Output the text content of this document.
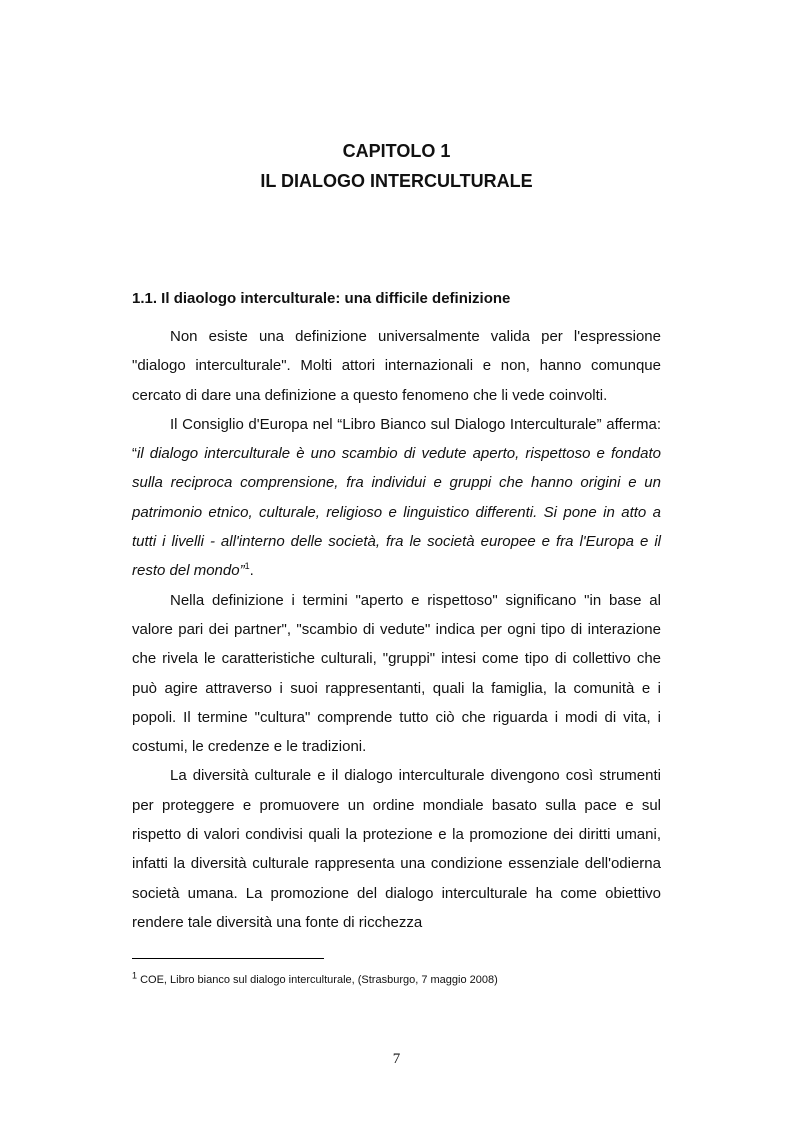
CAPITOLO 1
IL DIALOGO INTERCULTURALE
1.1. Il diaologo interculturale: una difficile definizione

Non esiste una definizione universalmente valida per l'espressione "dialogo interculturale". Molti attori internazionali e non, hanno comunque cercato di dare una definizione a questo fenomeno che li vede coinvolti.

Il Consiglio d'Europa nel “Libro Bianco sul Dialogo Interculturale” afferma: “il dialogo interculturale è uno scambio di vedute aperto, rispettoso e fondato sulla reciproca comprensione, fra individui e gruppi che hanno origini e un patrimonio etnico, culturale, religioso e linguistico differenti. Si pone in atto a tutti i livelli - all'interno delle società, fra le società europee e fra l'Europa e il resto del mondo”$^1$.

Nella definizione i termini "aperto e rispettoso" significano "in base al valore pari dei partner", "scambio di vedute" indica per ogni tipo di interazione che rivela le caratteristiche culturali, "gruppi" intesi come tipo di collettivo che può agire attraverso i suoi rappresentanti, quali la famiglia, la comunità e i popoli. Il termine "cultura" comprende tutto ciò che riguarda i modi di vita, i costumi, le credenze e le tradizioni.

La diversità culturale e il dialogo interculturale divengono così strumenti per proteggere e promuovere un ordine mondiale basato sulla pace e sul rispetto di valori condivisi quali la protezione e la promozione dei diritti umani, infatti la diversità culturale rappresenta una condizione essenziale dell'odierna società umana. La promozione del dialogo interculturale ha come obiettivo rendere tale diversità una fonte di ricchezza

$^1$ COE, Libro bianco sul dialogo interculturale, (Strasburgo, 7 maggio 2008)
7
